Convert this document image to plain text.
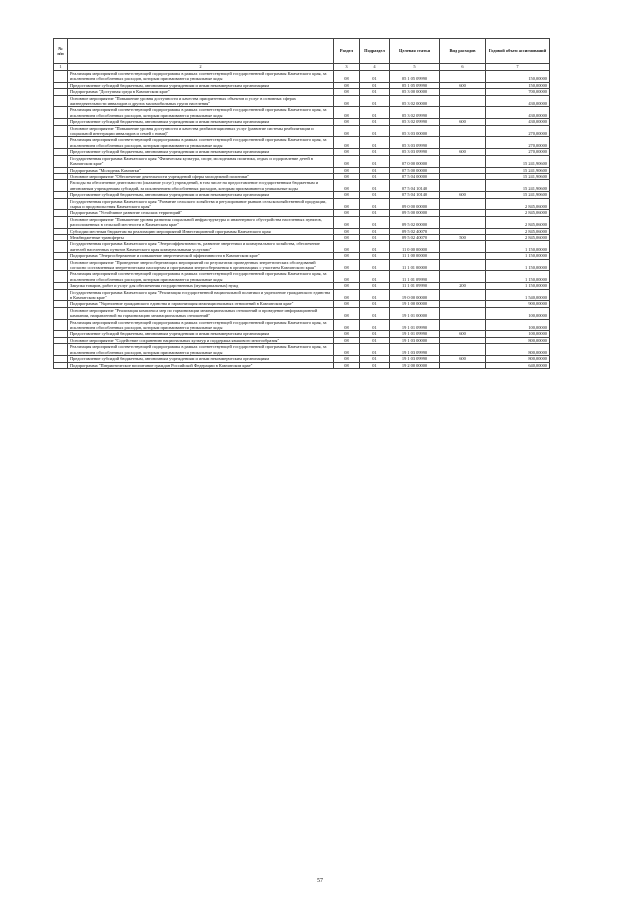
№ п/п		Раздел	Подраздел	Целевая статья	Вид расходов	Годовой объем ассигнований
1	2	3	4	5	6	7
	Реализация мероприятий соответствующей подпрограммы в рамках соответствующей государственной программы Камчатского края, за исключением обособленных расходов, которым присваиваются уникальные коды	08	01	05 1 05 09990		150,00000
	Предоставление субсидий бюджетным, автономным учреждениям и иным некоммерческим организациям	08	01	05 1 05 09990	600	150,00000
	Подпрограмма "Доступная среда в Камчатском крае"	08	01	05 3 00 00000		700,00000
	Основное мероприятие "Повышение уровня доступности и качества приоритетных объектов и услуг в основных сферах жизнедеятельности инвалидов и других маломобильных групп населения"	08	01	05 3 02 00000		430,00000
	Реализация мероприятий соответствующей подпрограммы в рамках соответствующей государственной программы Камчатского края, за исключением обособленных расходов, которым присваиваются уникальные коды	08	01	05 3 02 09990		430,00000
	Предоставление субсидий бюджетным, автономным учреждениям и иным некоммерческим организациям	08	01	05 3 02 09990	600	430,00000
	Основное мероприятие "Повышение уровня доступности и качества реабилитационных услуг (развитие системы реабилитации и социальной интеграции инвалидов и семей с ними)"	08	01	05 3 03 00000		270,00000
	Реализация мероприятий соответствующей подпрограммы в рамках соответствующей государственной программы Камчатского края, за исключением обособленных расходов, которым присваиваются уникальные коды	08	01	05 3 03 09990		270,00000
	Предоставление субсидий бюджетным, автономным учреждениям и иным некоммерческим организациям	08	01	05 3 03 09990	600	270,00000
	Государственная программа Камчатского края "Физическая культура, спорт, молодежная политика, отдых и оздоровление детей в Камчатском крае"	08	01	07 0 00 00000		15 241,90600
	Подпрограмма "Молодежь Камчатки"	08	01	07 5 00 00000		15 241,90600
	Основное мероприятие "Обеспечение деятельности учреждений сферы молодежной политики"	08	01	07 5 04 00000		15 241,90600
	Расходы на обеспечение деятельности (оказание услуг) учреждений, в том числе на предоставление государственным бюджетным и автономным учреждениям субсидий, за исключением обособленных расходов, которым присваиваются уникальные коды	08	01	07 5 04 10140		15 241,90600
	Предоставление субсидий бюджетным, автономным учреждениям и иным некоммерческим организациям	08	01	07 5 04 10140	600	15 241,90600
	Государственная программа Камчатского края "Развитие сельского хозяйства и регулирование рынков сельскохозяйственной продукции, сырья и продовольствия Камчатского края"	08	01	09 0 00 00000		2 845,06000
	Подпрограмма "Устойчивое развитие сельских территорий"	08	01	09 5 00 00000		2 845,06000
	Основное мероприятие "Повышение уровня развития социальной инфраструктуры и инженерного обустройства населенных пунктов, расположенных в сельской местности в Камчатском крае"	08	01	09 5 02 00000		2 845,06000
	Субсидии местным бюджетам на реализацию мероприятий Инвестиционной программы Камчатского края	08	01	09 5 02 40070		2 845,06000
	Межбюджетные трансферты	08	01	09 5 02 40070	500	2 845,06000
	Государственная программа Камчатского края "Энергоэффективность, развитие энергетики и коммунального хозяйства, обеспечение жителей населенных пунктов Камчатского края коммунальными услугами"	08	01	11 0 00 00000		1 150,00000
	Подпрограмма "Энергосбережение и повышение энергетической эффективности в Камчатском крае"	08	01	11 1 00 00000		1 150,00000
	Основное мероприятие "Проведение энергосберегающих мероприятий по результатам проведенных энергетических обследований согласно составленным энергетическим паспортам и программам энергосбережения в организациях с участием Камчатского края"	08	01	11 1 01 00000		1 150,00000
	Реализация мероприятий соответствующей подпрограммы в рамках соответствующей государственной программы Камчатского края, за исключением обособленных расходов, которым присваиваются уникальные коды	08	01	11 1 01 09990		1 150,00000
	Закупка товаров, работ и услуг для обеспечения государственных (муниципальных) нужд	08	01	11 1 01 09990	200	1 150,00000
	Государственная программа Камчатского края "Реализация государственной национальной политики и укрепление гражданского единства в Камчатском крае"	08	01	19 0 00 00000		1 540,00000
	Подпрограмма "Укрепление гражданского единства и гармонизация межнациональных отношений в Камчатском крае"	08	01	19 1 00 00000		900,00000
	Основное мероприятие "Реализация комплекса мер по гармонизации межнациональных отношений и проведение информационной кампании, направленной на гармонизацию межнациональных отношений"	08	01	19 1 01 00000		100,00000
	Реализация мероприятий соответствующей подпрограммы в рамках соответствующей государственной программы Камчатского края, за исключением обособленных расходов, которым присваиваются уникальные коды	08	01	19 1 01 09990		100,00000
	Предоставление субсидий бюджетным, автономным учреждениям и иным некоммерческим организациям	08	01	19 1 01 09990	600	100,00000
	Основное мероприятие "Содействие сохранению национальных культур и поддержка языкового многообразия"	08	01	19 1 03 00000		800,00000
	Реализация мероприятий соответствующей подпрограммы в рамках соответствующей государственной программы Камчатского края, за исключением обособленных расходов, которым присваиваются уникальные коды	08	01	19 1 03 09990		800,00000
	Предоставление субсидий бюджетным, автономным учреждениям и иным некоммерческим организациям	08	01	19 1 03 09990	600	800,00000
	Подпрограмма "Патриотическое воспитание граждан Российской Федерации в Камчатском крае"	08	01	19 2 00 00000		640,00000
57
